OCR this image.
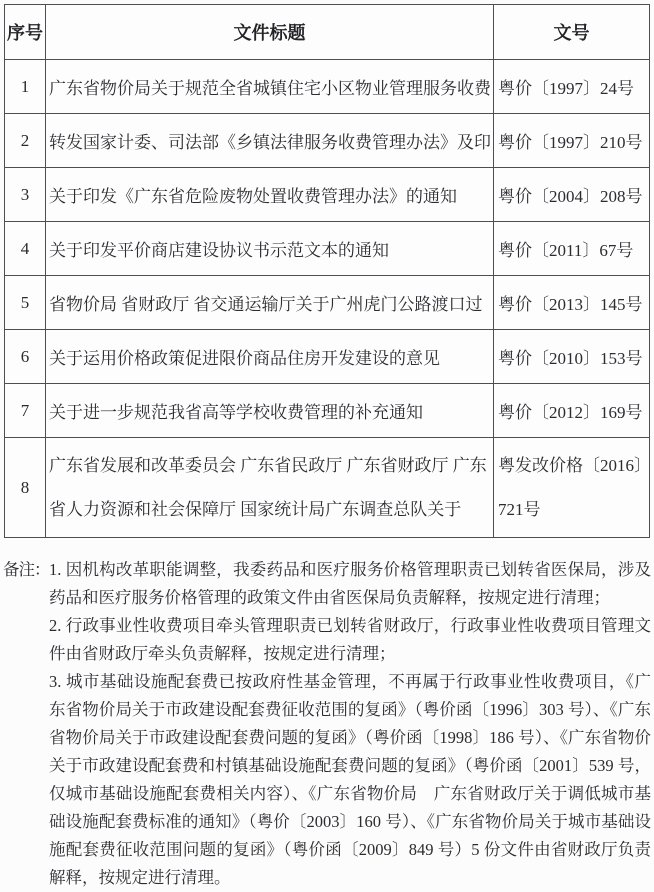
序号	文件标题	文号
1	广东省物价局关于规范全省城镇住宅小区物业管理服务收费	粤价〔1997〕24号
2	转发国家计委、司法部《乡镇法律服务收费管理办法》及印	粤价〔1997〕210号
3	关于印发《广东省危险废物处置收费管理办法》的通知	粤价〔2004〕208号
4	关于印发平价商店建设协议书示范文本的通知	粤价〔2011〕67号
5	省物价局 省财政厅 省交通运输厅关于广州虎门公路渡口过	粤价〔2013〕145号
6	关于运用价格政策促进限价商品住房开发建设的意见	粤价〔2010〕153号
7	关于进一步规范我省高等学校收费管理的补充通知	粤价〔2012〕169号
8	广东省发展和改革委员会 广东省民政厅 广东省财政厅 广东省人力资源和社会保障厅 国家统计局广东调查总队关于	粤发改价格〔2016〕721号
备注： 1. 因机构改革职能调整，我委药品和医疗服务价格管理职责已划转省医保局，涉及药品和医疗服务价格管理的政策文件由省医保局负责解释，按规定进行清理；

2. 行政事业性收费项目牵头管理职责已划转省财政厅，行政事业性收费项目管理文件由省财政厅牵头负责解释，按规定进行清理；

3. 城市基础设施配套费已按政府性基金管理，不再属于行政事业性收费项目，《广东省物价局关于市政建设配套费征收范围的复函》（粤价函〔1996〕303 号）、《广东省物价局关于市政建设配套费问题的复函》（粤价函〔1998〕186 号）、《广东省物价关于市政建设配套费和村镇基础设施配套费问题的复函》（粤价函〔2001〕539 号，仅城市基础设施配套费相关内容）、《广东省物价局　广东省财政厅关于调低城市基础设施配套费标准的通知》（粤价〔2003〕160 号）、《广东省物价局关于城市基础设施配套费征收范围问题的复函》（粤价函〔2009〕849 号）5 份文件由省财政厅负责解释，按规定进行清理。
